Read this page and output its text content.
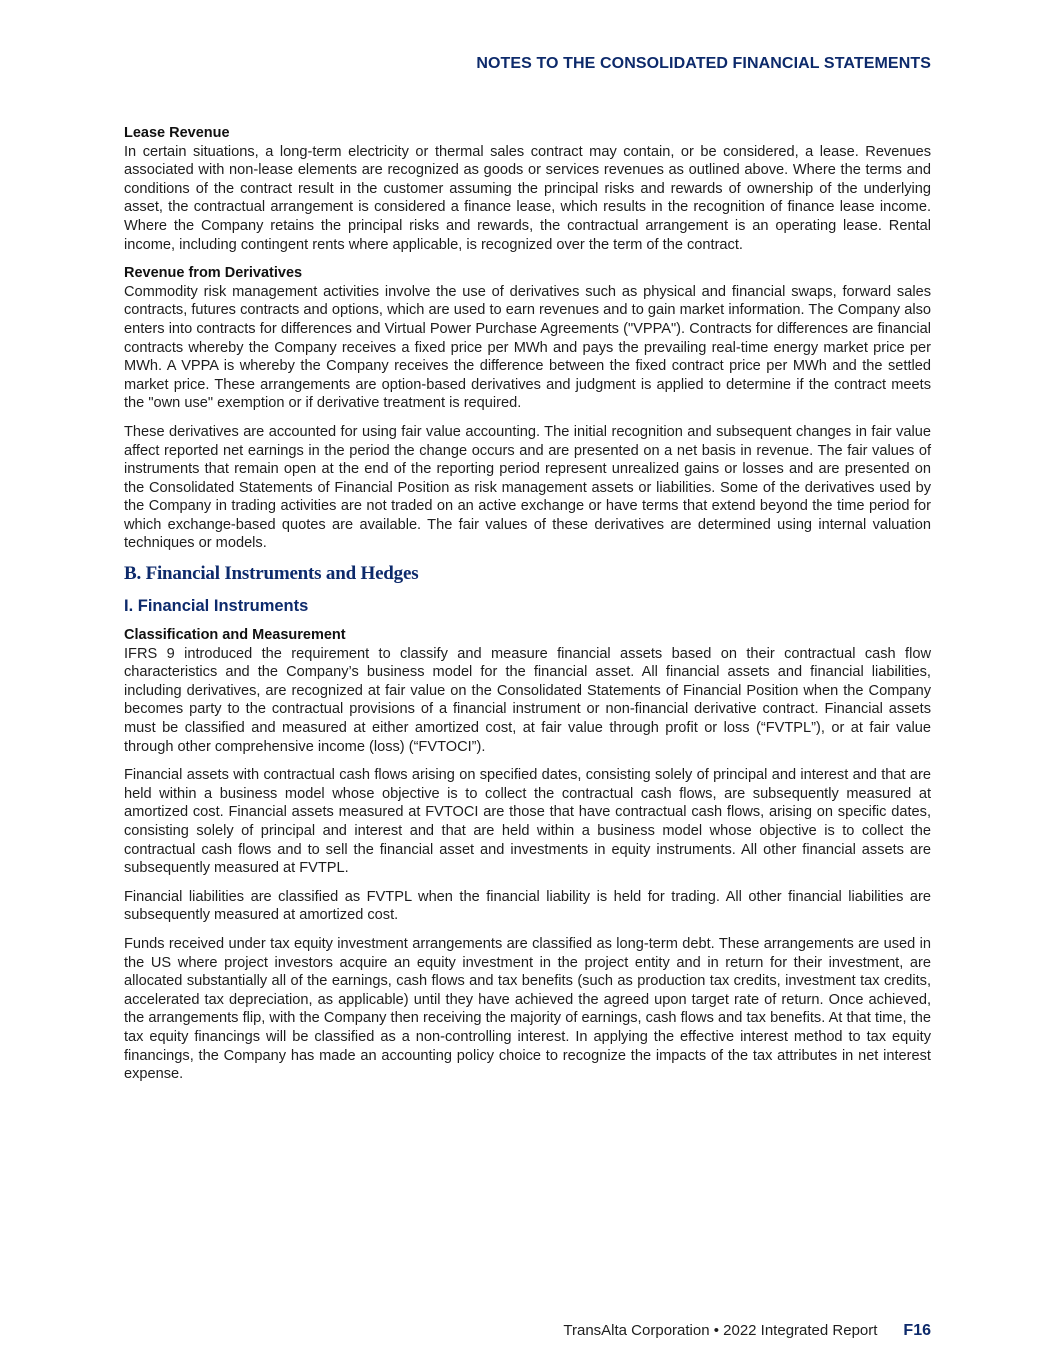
NOTES TO THE CONSOLIDATED FINANCIAL STATEMENTS
Lease Revenue

In certain situations, a long-term electricity or thermal sales contract may contain, or be considered, a lease. Revenues associated with non-lease elements are recognized as goods or services revenues as outlined above. Where the terms and conditions of the contract result in the customer assuming the principal risks and rewards of ownership of the underlying asset, the contractual arrangement is considered a finance lease, which results in the recognition of finance lease income. Where the Company retains the principal risks and rewards, the contractual arrangement is an operating lease. Rental income, including contingent rents where applicable, is recognized over the term of the contract.

Revenue from Derivatives

Commodity risk management activities involve the use of derivatives such as physical and financial swaps, forward sales contracts, futures contracts and options, which are used to earn revenues and to gain market information. The Company also enters into contracts for differences and Virtual Power Purchase Agreements ("VPPA"). Contracts for differences are financial contracts whereby the Company receives a fixed price per MWh and pays the prevailing real-time energy market price per MWh. A VPPA is whereby the Company receives the difference between the fixed contract price per MWh and the settled market price. These arrangements are option-based derivatives and judgment is applied to determine if the contract meets the "own use" exemption or if derivative treatment is required.

These derivatives are accounted for using fair value accounting. The initial recognition and subsequent changes in fair value affect reported net earnings in the period the change occurs and are presented on a net basis in revenue. The fair values of instruments that remain open at the end of the reporting period represent unrealized gains or losses and are presented on the Consolidated Statements of Financial Position as risk management assets or liabilities. Some of the derivatives used by the Company in trading activities are not traded on an active exchange or have terms that extend beyond the time period for which exchange-based quotes are available. The fair values of these derivatives are determined using internal valuation techniques or models.

B. Financial Instruments and Hedges
I. Financial Instruments
Classification and Measurement

IFRS 9 introduced the requirement to classify and measure financial assets based on their contractual cash flow characteristics and the Company’s business model for the financial asset. All financial assets and financial liabilities, including derivatives, are recognized at fair value on the Consolidated Statements of Financial Position when the Company becomes party to the contractual provisions of a financial instrument or non-financial derivative contract. Financial assets must be classified and measured at either amortized cost, at fair value through profit or loss (“FVTPL”), or at fair value through other comprehensive income (loss) (“FVTOCI”).

Financial assets with contractual cash flows arising on specified dates, consisting solely of principal and interest and that are held within a business model whose objective is to collect the contractual cash flows, are subsequently measured at amortized cost. Financial assets measured at FVTOCI are those that have contractual cash flows, arising on specific dates, consisting solely of principal and interest and that are held within a business model whose objective is to collect the contractual cash flows and to sell the financial asset and investments in equity instruments. All other financial assets are subsequently measured at FVTPL.

Financial liabilities are classified as FVTPL when the financial liability is held for trading. All other financial liabilities are subsequently measured at amortized cost.

Funds received under tax equity investment arrangements are classified as long-term debt. These arrangements are used in the US where project investors acquire an equity investment in the project entity and in return for their investment, are allocated substantially all of the earnings, cash flows and tax benefits (such as production tax credits, investment tax credits, accelerated tax depreciation, as applicable) until they have achieved the agreed upon target rate of return. Once achieved, the arrangements flip, with the Company then receiving the majority of earnings, cash flows and tax benefits. At that time, the tax equity financings will be classified as a non-controlling interest. In applying the effective interest method to tax equity financings, the Company has made an accounting policy choice to recognize the impacts of the tax attributes in net interest expense.

TransAlta Corporation • 2022 Integrated Report F16
